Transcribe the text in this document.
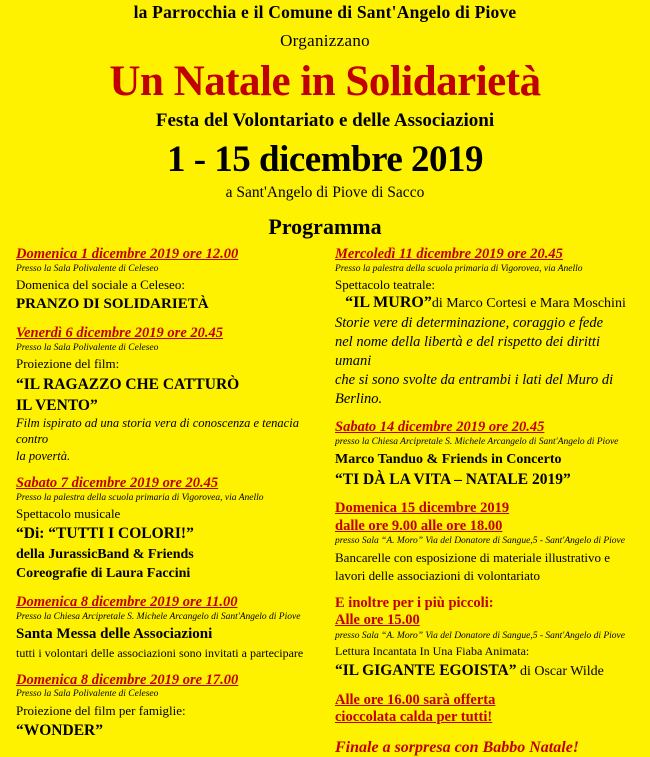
la Parrocchia e il Comune di Sant'Angelo di Piove
Organizzano
Un Natale in Solidarietà
Festa del Volontariato e delle Associazioni
1 - 15 dicembre 2019
a Sant'Angelo di Piove di Sacco
Programma
Domenica 1 dicembre 2019 ore 12.00
Presso la Sala Polivalente di Celeseo
Domenica del sociale a Celeseo:
PRANZO DI SOLIDARIETÀ
Venerdì 6 dicembre 2019 ore 20.45
Presso la Sala Polivalente di Celeseo
Proiezione del film:
“IL RAGAZZO CHE CATTURÒ
IL VENTO”
Film ispirato ad una storia vera di conoscenza e tenacia contro
la povertà.
Sabato 7 dicembre 2019 ore 20.45
Presso la palestra della scuola primaria di Vigorovea, via Anello
Spettacolo musicale
“Di: “TUTTI I COLORI!”
della JurassicBand & Friends
Coreografie di Laura Faccini
Domenica 8 dicembre 2019 ore 11.00
Presso la Chiesa Arcipretale S. Michele Arcangelo di Sant'Angelo di Piove
Santa Messa delle Associazioni
tutti i volontari delle associazioni sono invitati a partecipare
Domenica 8 dicembre 2019 ore 17.00
Presso la Sala Polivalente di Celeseo
Proiezione del film per famiglie:
“WONDER”
Mercoledì 11 dicembre 2019 ore 20.45
Presso la palestra della scuola primaria di Vigorovea, via Anello
Spettacolo teatrale:
“IL MURO”di Marco Cortesi e Mara Moschini
Storie vere di determinazione, coraggio e fede
nel nome della libertà e del rispetto dei diritti umani
che si sono svolte da entrambi i lati del Muro di Berlino.
Sabato 14 dicembre 2019 ore 20.45
presso la Chiesa Arcipretale S. Michele Arcangelo di Sant'Angelo di Piove
Marco Tanduo & Friends in Concerto
“TI DÀ LA VITA – NATALE 2019”
Domenica 15 dicembre 2019
dalle ore 9.00 alle ore 18.00
presso Sala “A. Moro” Via del Donatore di Sangue,5 - Sant'Angelo di Piove
Bancarelle con esposizione di materiale illustrativo e
lavori delle associazioni di volontariato
E inoltre per i più piccoli:
Alle ore 15.00
presso Sala “A. Moro” Via del Donatore di Sangue,5 - Sant'Angelo di Piove
Lettura Incantata In Una Fiaba Animata:
“IL GIGANTE EGOISTA” di Oscar Wilde
Alle ore 16.00 sarà offerta
cioccolata calda per tutti!
Finale a sorpresa con Babbo Natale!
